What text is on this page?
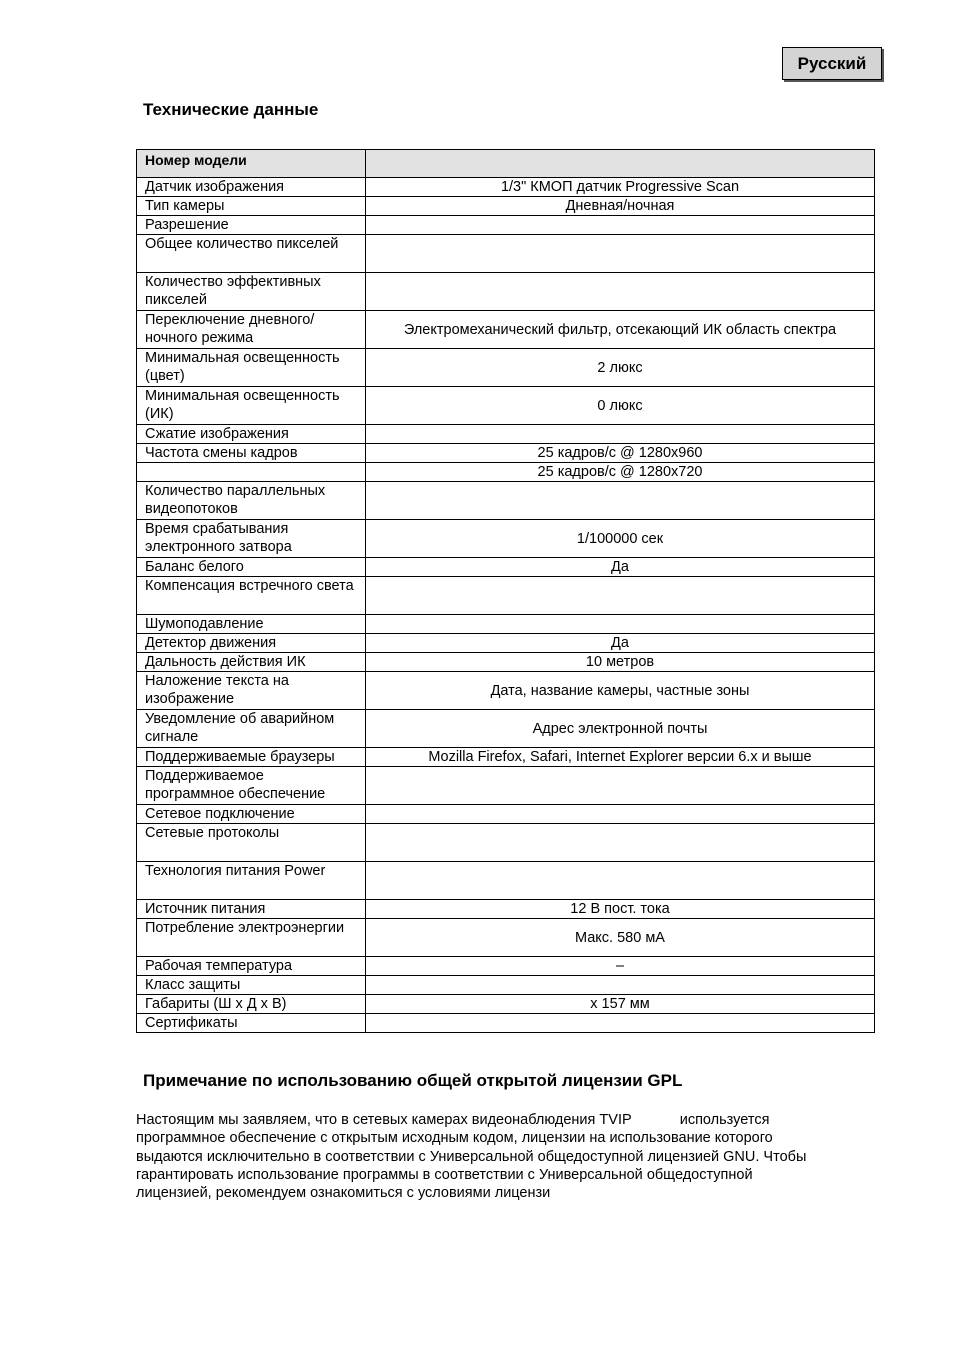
Русский
Технические данные
Номер модели	
Датчик изображения	1/3" КМОП датчик Progressive Scan
Тип камеры	Дневная/ночная
Разрешение	
Общее количество пикселей	
Количество эффективных пикселей	
Переключение дневного/ночного режима	Электромеханический фильтр, отсекающий ИК область спектра
Минимальная освещенность (цвет)	2 люкс
Минимальная освещенность (ИК)	0 люкс
Сжатие изображения	
Частота смены кадров	25 кадров/с @ 1280x960
	25 кадров/с @ 1280x720
Количество параллельных видеопотоков	
Время срабатывания электронного затвора	1/100000 сек
Баланс белого	Да
Компенсация встречного света	
Шумоподавление	
Детектор движения	Да
Дальность действия ИК	10 метров
Наложение текста на изображение	Дата, название камеры, частные зоны
Уведомление об аварийном сигнале	Адрес электронной почты
Поддерживаемые браузеры	Mozilla Firefox, Safari, Internet Explorer версии 6.x и выше
Поддерживаемое программное обеспечение	
Сетевое подключение	
Сетевые протоколы	
Технология питания Power	
Источник питания	12 В пост. тока
Потребление электроэнергии	Макс. 580 мА
Рабочая температура	–
Класс защиты	
Габариты (Ш x Д x В)	x 157 мм
Сертификаты	
Примечание по использованию общей открытой лицензии GPL
Настоящим мы заявляем, что в сетевых камерах видеонаблюдения TVIP            используется
программное обеспечение с открытым исходным кодом, лицензии на использование которого
выдаются исключительно в соответствии с Универсальной общедоступной лицензией GNU. Чтобы
гарантировать использование программы в соответствии с Универсальной общедоступной
лицензией, рекомендуем ознакомиться с условиями лицензи
